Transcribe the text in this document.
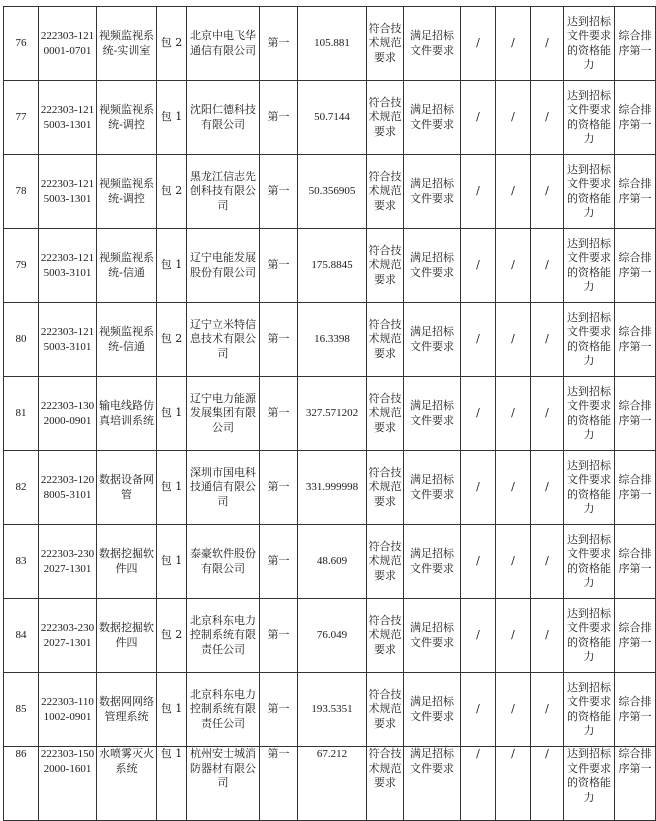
76	222303-1210001-0701	视频监视系统-实训室	包 2	北京中电飞华通信有限公司	第一	105.881	符合技术规范要求	满足招标文件要求	/	/	/	达到招标文件要求的资格能力	综合排序第一
77	222303-1215003-1301	视频监视系统-调控	包 1	沈阳仁德科技有限公司	第一	50.7144	符合技术规范要求	满足招标文件要求	/	/	/	达到招标文件要求的资格能力	综合排序第一
78	222303-1215003-1301	视频监视系统-调控	包 2	黑龙江信志先创科技有限公司	第一	50.356905	符合技术规范要求	满足招标文件要求	/	/	/	达到招标文件要求的资格能力	综合排序第一
79	222303-1215003-3101	视频监视系统-信通	包 1	辽宁电能发展股份有限公司	第一	175.8845	符合技术规范要求	满足招标文件要求	/	/	/	达到招标文件要求的资格能力	综合排序第一
80	222303-1215003-3101	视频监视系统-信通	包 2	辽宁立米特信息技术有限公司	第一	16.3398	符合技术规范要求	满足招标文件要求	/	/	/	达到招标文件要求的资格能力	综合排序第一
81	222303-1302000-0901	输电线路仿真培训系统	包 1	辽宁电力能源发展集团有限公司	第一	327.571202	符合技术规范要求	满足招标文件要求	/	/	/	达到招标文件要求的资格能力	综合排序第一
82	222303-1208005-3101	数据设备网管	包 1	深圳市国电科技通信有限公司	第一	331.999998	符合技术规范要求	满足招标文件要求	/	/	/	达到招标文件要求的资格能力	综合排序第一
83	222303-2302027-1301	数据挖掘软件四	包 1	泰豪软件股份有限公司	第一	48.609	符合技术规范要求	满足招标文件要求	/	/	/	达到招标文件要求的资格能力	综合排序第一
84	222303-2302027-1301	数据挖掘软件四	包 2	北京科东电力控制系统有限责任公司	第一	76.049	符合技术规范要求	满足招标文件要求	/	/	/	达到招标文件要求的资格能力	综合排序第一
85	222303-1101002-0901	数据网网络管理系统	包 1	北京科东电力控制系统有限责任公司	第一	193.5351	符合技术规范要求	满足招标文件要求	/	/	/	达到招标文件要求的资格能力	综合排序第一
86	222303-1502000-1601	水喷雾灭火系统	包 1	杭州安士城消防器材有限公司	第一	67.212	符合技术规范要求	满足招标文件要求	/	/	/	达到招标文件要求的资格能力	综合排序第一
